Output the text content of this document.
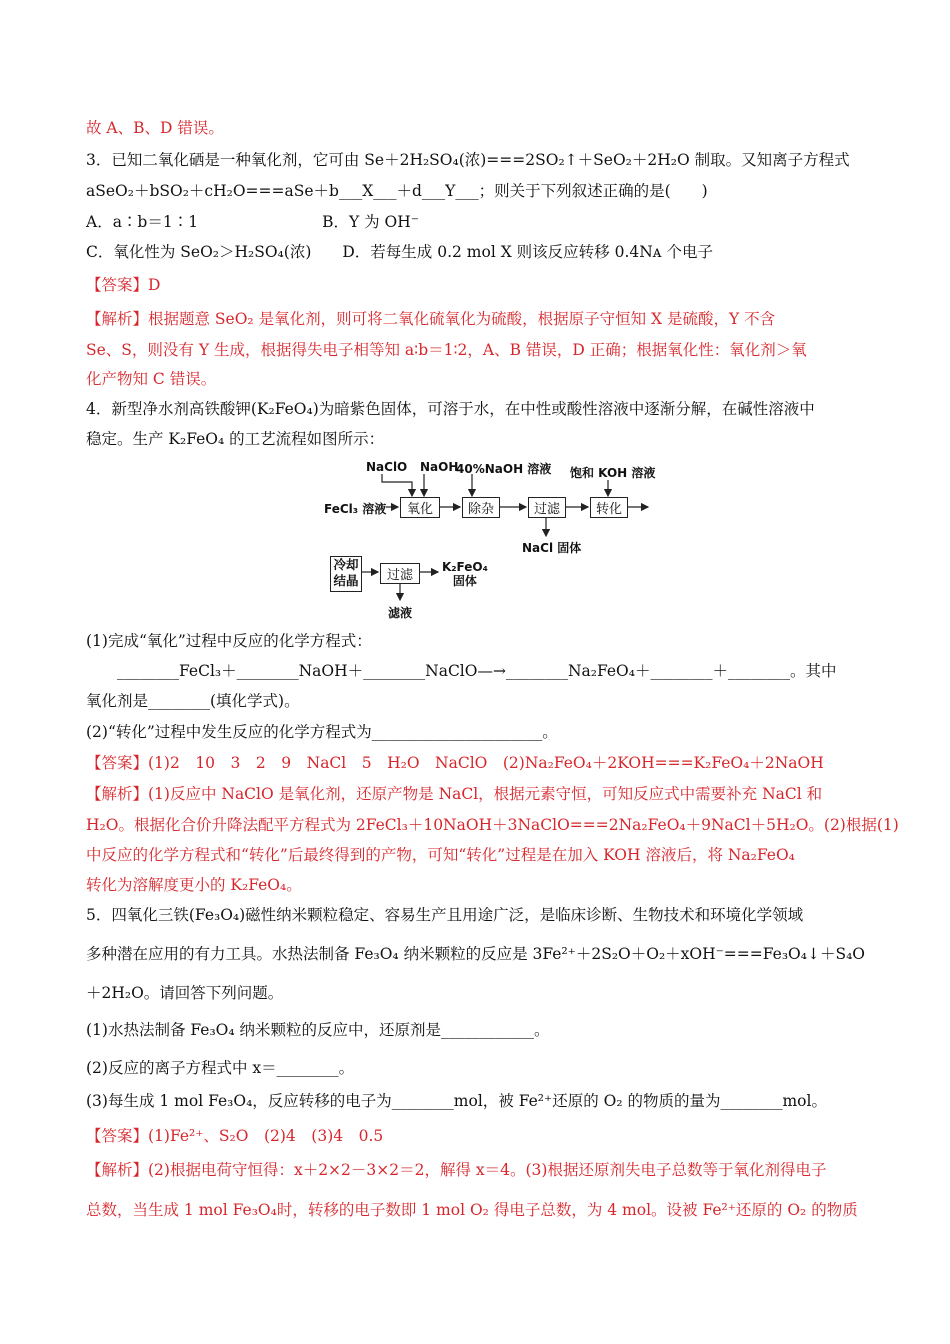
故 A、B、D 错误。
3．已知二氧化硒是一种氧化剂，它可由 Se＋2H₂SO₄(浓)===2SO₂↑＋SeO₂＋2H₂O 制取。又知离子方程式
aSeO₂＋bSO₂＋cH₂O===aSe＋b___X___＋d___Y___；则关于下列叙述正确的是(　　)
A．a∶b＝1∶1　　　　　　　　B．Y 为 OH⁻
C．氧化性为 SeO₂＞H₂SO₄(浓)　　D．若每生成 0.2 mol X 则该反应转移 0.4Nᴀ 个电子
【答案】D
【解析】根据题意 SeO₂ 是氧化剂，则可将二氧化硫氧化为硫酸，根据原子守恒知 X 是硫酸，Y 不含
Se、S，则没有 Y 生成，根据得失电子相等知 a∶b＝1∶2，A、B 错误，D 正确；根据氧化性：氧化剂＞氧
化产物知 C 错误。
4．新型净水剂高铁酸钾(K₂FeO₄)为暗紫色固体，可溶于水，在中性或酸性溶液中逐渐分解，在碱性溶液中
稳定。生产 K₂FeO₄ 的工艺流程如图所示：
(1)完成“氧化”过程中反应的化学方程式：
　　________FeCl₃＋________NaOH＋________NaClO—→________Na₂FeO₄＋________＋________。其中
氧化剂是________(填化学式)。
(2)“转化”过程中发生反应的化学方程式为______________________。
【答案】(1)2　10　3　2　9　NaCl　5　H₂O　NaClO　(2)Na₂FeO₄＋2KOH===K₂FeO₄＋2NaOH
【解析】(1)反应中 NaClO 是氧化剂，还原产物是 NaCl，根据元素守恒，可知反应式中需要补充 NaCl 和
H₂O。根据化合价升降法配平方程式为 2FeCl₃＋10NaOH＋3NaClO===2Na₂FeO₄＋9NaCl＋5H₂O。(2)根据(1)
中反应的化学方程式和“转化”后最终得到的产物，可知“转化”过程是在加入 KOH 溶液后，将 Na₂FeO₄
转化为溶解度更小的 K₂FeO₄。
5．四氧化三铁(Fe₃O₄)磁性纳米颗粒稳定、容易生产且用途广泛，是临床诊断、生物技术和环境化学领域
多种潜在应用的有力工具。水热法制备 Fe₃O₄ 纳米颗粒的反应是 3Fe²⁺＋2S₂O＋O₂＋xOH⁻===Fe₃O₄↓＋S₄O
＋2H₂O。请回答下列问题。
(1)水热法制备 Fe₃O₄ 纳米颗粒的反应中，还原剂是____________。
(2)反应的离子方程式中 x＝________。
(3)每生成 1 mol Fe₃O₄，反应转移的电子为________mol，被 Fe²⁺还原的 O₂ 的物质的量为________mol。
【答案】(1)Fe²⁺、S₂O　(2)4　(3)4　0.5
【解析】(2)根据电荷守恒得：x＋2×2－3×2＝2，解得 x＝4。(3)根据还原剂失电子总数等于氧化剂得电子
总数，当生成 1 mol Fe₃O₄时，转移的电子数即 1 mol O₂ 得电子总数，为 4 mol。设被 Fe²⁺还原的 O₂ 的物质
NaClO NaOH
40%NaOH 溶液 饱和 KOH 溶液
FeCl₃ 溶液	氧化	除杂	过滤	转化
NaCl 固体
冷却
结晶	过滤
K₂FeO₄
固体
滤液
